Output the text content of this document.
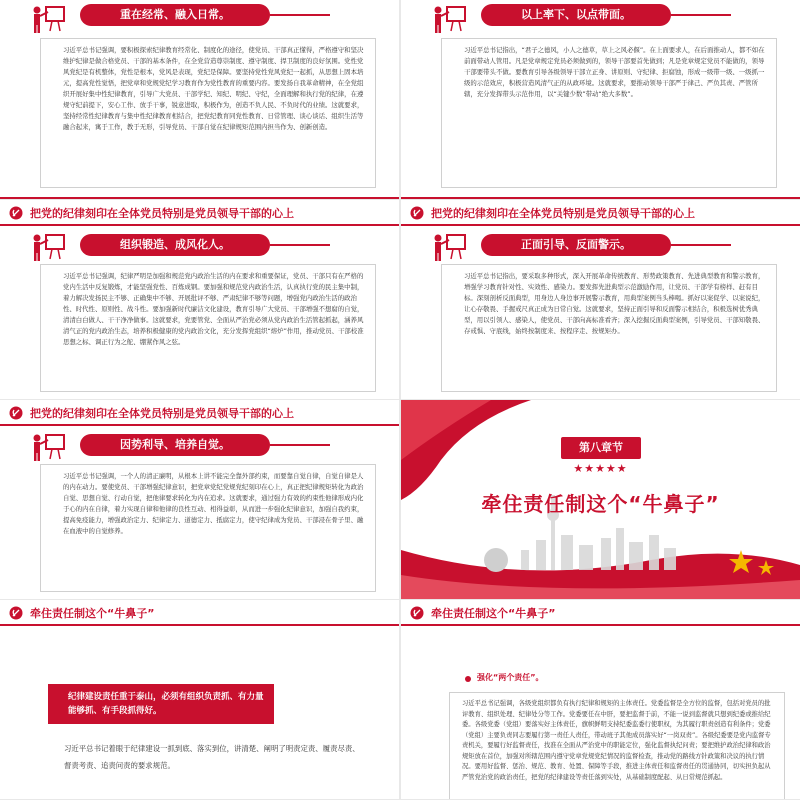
重在经常、融入日常。

习近平总书记强调，要积极探索纪律教育经常化、制度化的途径，使党员、干部真正懂得，严格遵守和坚决维护纪律是做合格党员、干部的基本条件，在全党营造尊崇制度、遵守制度、捍卫制度的良好氛围。党性党风党纪是有机整体，党性是根本，党风是表现，党纪是保障。要坚持党性党风党纪一起抓，从思想上固本培元，提高党性觉悟，把党章和党规党纪学习教育作为党性教育的重要内容。要发扬自我革命精神，在全党组织开展好集中性纪律教育，引导广大党员、干部学纪、知纪、明纪、守纪，全面理解和执行党的纪律，在遵规守纪前提下，安心工作、放手干事，锐意进取，积极作为，创造不负人民、不负时代的业绩。这就要求，坚持经常性纪律教育与集中性纪律教育相结合，把党纪教育同党性教育、日常管理、谈心谈话、组织生活等融合起来，寓于工作，教于无形，引导党员、干部自觉在纪律规矩范围内担当作为、创新创造。

以上率下、以点带面。

习近平总书记指出，“君子之德风，小人之德草，草上之风必偃”。在上面要求人，在后面推动人，都不如在前面带动人管用。凡是党章规定党员必须做到的，领导干部要首先做到；凡是党章规定党员不能做的，领导干部要带头不做。要教育引导各级领导干部立正身、讲原则、守纪律、拒腐蚀，形成一级带一级、一级抓一级的示范效应，积极营造风清气正的从政环境。这就要求，要推动领导干部严于律己、严负其责、严管所辖，充分发挥带头示范作用，以“关键少数”带动“绝大多数”。

把党的纪律刻印在全体党员特别是党员领导干部的心上
组织锻造、成风化人。

习近平总书记强调，纪律严明是加强和规范党内政治生活的内在要求和重要保证，党员、干部只有在严格的党内生活中反复锻炼，才能坚强党性、百炼成钢。要加强和规范党内政治生活，认真执行党的民主集中制，着力解决发扬民主不够、正确集中不够、开展批评不够、严肃纪律不够等问题，增强党内政治生活的政治性、时代性、原则性、战斗性。要加强新时代廉洁文化建设，教育引导广大党员、干部增强不想腐的自觉，清清白白做人、干干净净做事。这就要求，党要管党、全面从严治党必须从党内政治生活管起抓起，涵养风清气正的党内政治生态，培养积极健康的党内政治文化，充分发挥党组织“熔炉”作用，推动党员、干部校准思想之标、调正行为之舵、绷紧作风之弦。

把党的纪律刻印在全体党员特别是党员领导干部的心上
正面引导、反面警示。

习近平总书记指出，要采取多种形式，深入开展革命传统教育、形势政策教育、先进典型教育和警示教育，增强学习教育针对性、实效性、感染力。要发挥先进典型示范激励作用，让党员、干部学有榜样、赶有目标。深刻剖析反面典型，用身边人身边事开展警示教育，用典型案例当头棒喝。抓好以案促学、以案说纪，让心存敬畏、手握戒尺真正成为日常自觉。这就要求，坚持正面引导和反面警示相结合，积极选树优秀典型，用以引领人、感染人，使党员、干部向高标准看齐；深入挖掘反面典型案例，引导党员、干部知敬畏、存戒惧、守底线，始终按制度来、按程序走、按规矩办。

把党的纪律刻印在全体党员特别是党员领导干部的心上
因势利导、培养自觉。

习近平总书记强调，一个人的清正廉明，从根本上讲不能完全靠外部约束，而要靠自觉自律，自觉自律是人的内在动力。要使党员、干部增强纪律意识，把党章党纪党规党纪刻印在心上，真正把纪律规矩转化为政治自觉、思想自觉、行动自觉，把他律要求转化为内在追求。这就要求，通过强力有效的约束性他律形成内化于心的内在自律，着力实现自律和他律的良性互动、相得益彰，从而进一步强化纪律意识，加强自我约束，提高免疫能力，增强政治定力、纪律定力、道德定力、抵腐定力，使守纪律成为党员、干部浸在骨子里、融在血液中的自觉修养。

第八章节
★★★★★
牵住责任制这个“牛鼻子”
牵住责任制这个“牛鼻子”
纪律建设责任重于泰山，必须有组织负责抓、有力量能够抓、有手段抓得好。
习近平总书记着眼于纪律建设一抓到底、落实到位，讲清楚、阐明了明责定责、履责尽责、督责考责、追责问责的要求规范。
牵住责任制这个“牛鼻子”
强化“两个责任”。

习近平总书记强调，各级党组织都负有执行纪律和规矩的主体责任。党委监督是全方位的监督，包括对党员的批评教育、组织处理、纪律处分等工作。党委要任在中肝，要把监督于前，不能一说到监督就只想到纪委或推给纪委。各级党委（党组）要落实好主体责任，旗帜鲜明支持纪委监委行使职权，为其履行职责创造有利条件；党委（党组）主要负责同志要履行第一责任人责任，带动班子其他成员落实好“一岗双责”。各级纪委要是党内监督专责机关，要履行好监督责任，找准在全面从严治党中的职能定位，强化监督执纪问责；要把维护政治纪律和政治规矩放在首位，加强对所辖范围内遵守党章党规党纪情况的监督检查，推动党的路线方针政策和决议的执行情况。要用好监督、惩治、规范、教育、处置、保障等手段，推进主体责任和监督责任的贯通协同，切实担负起从严管党治党的政治责任，把党的纪律建设等责任落到实处，从基础制度配起、从日常规范抓起。
